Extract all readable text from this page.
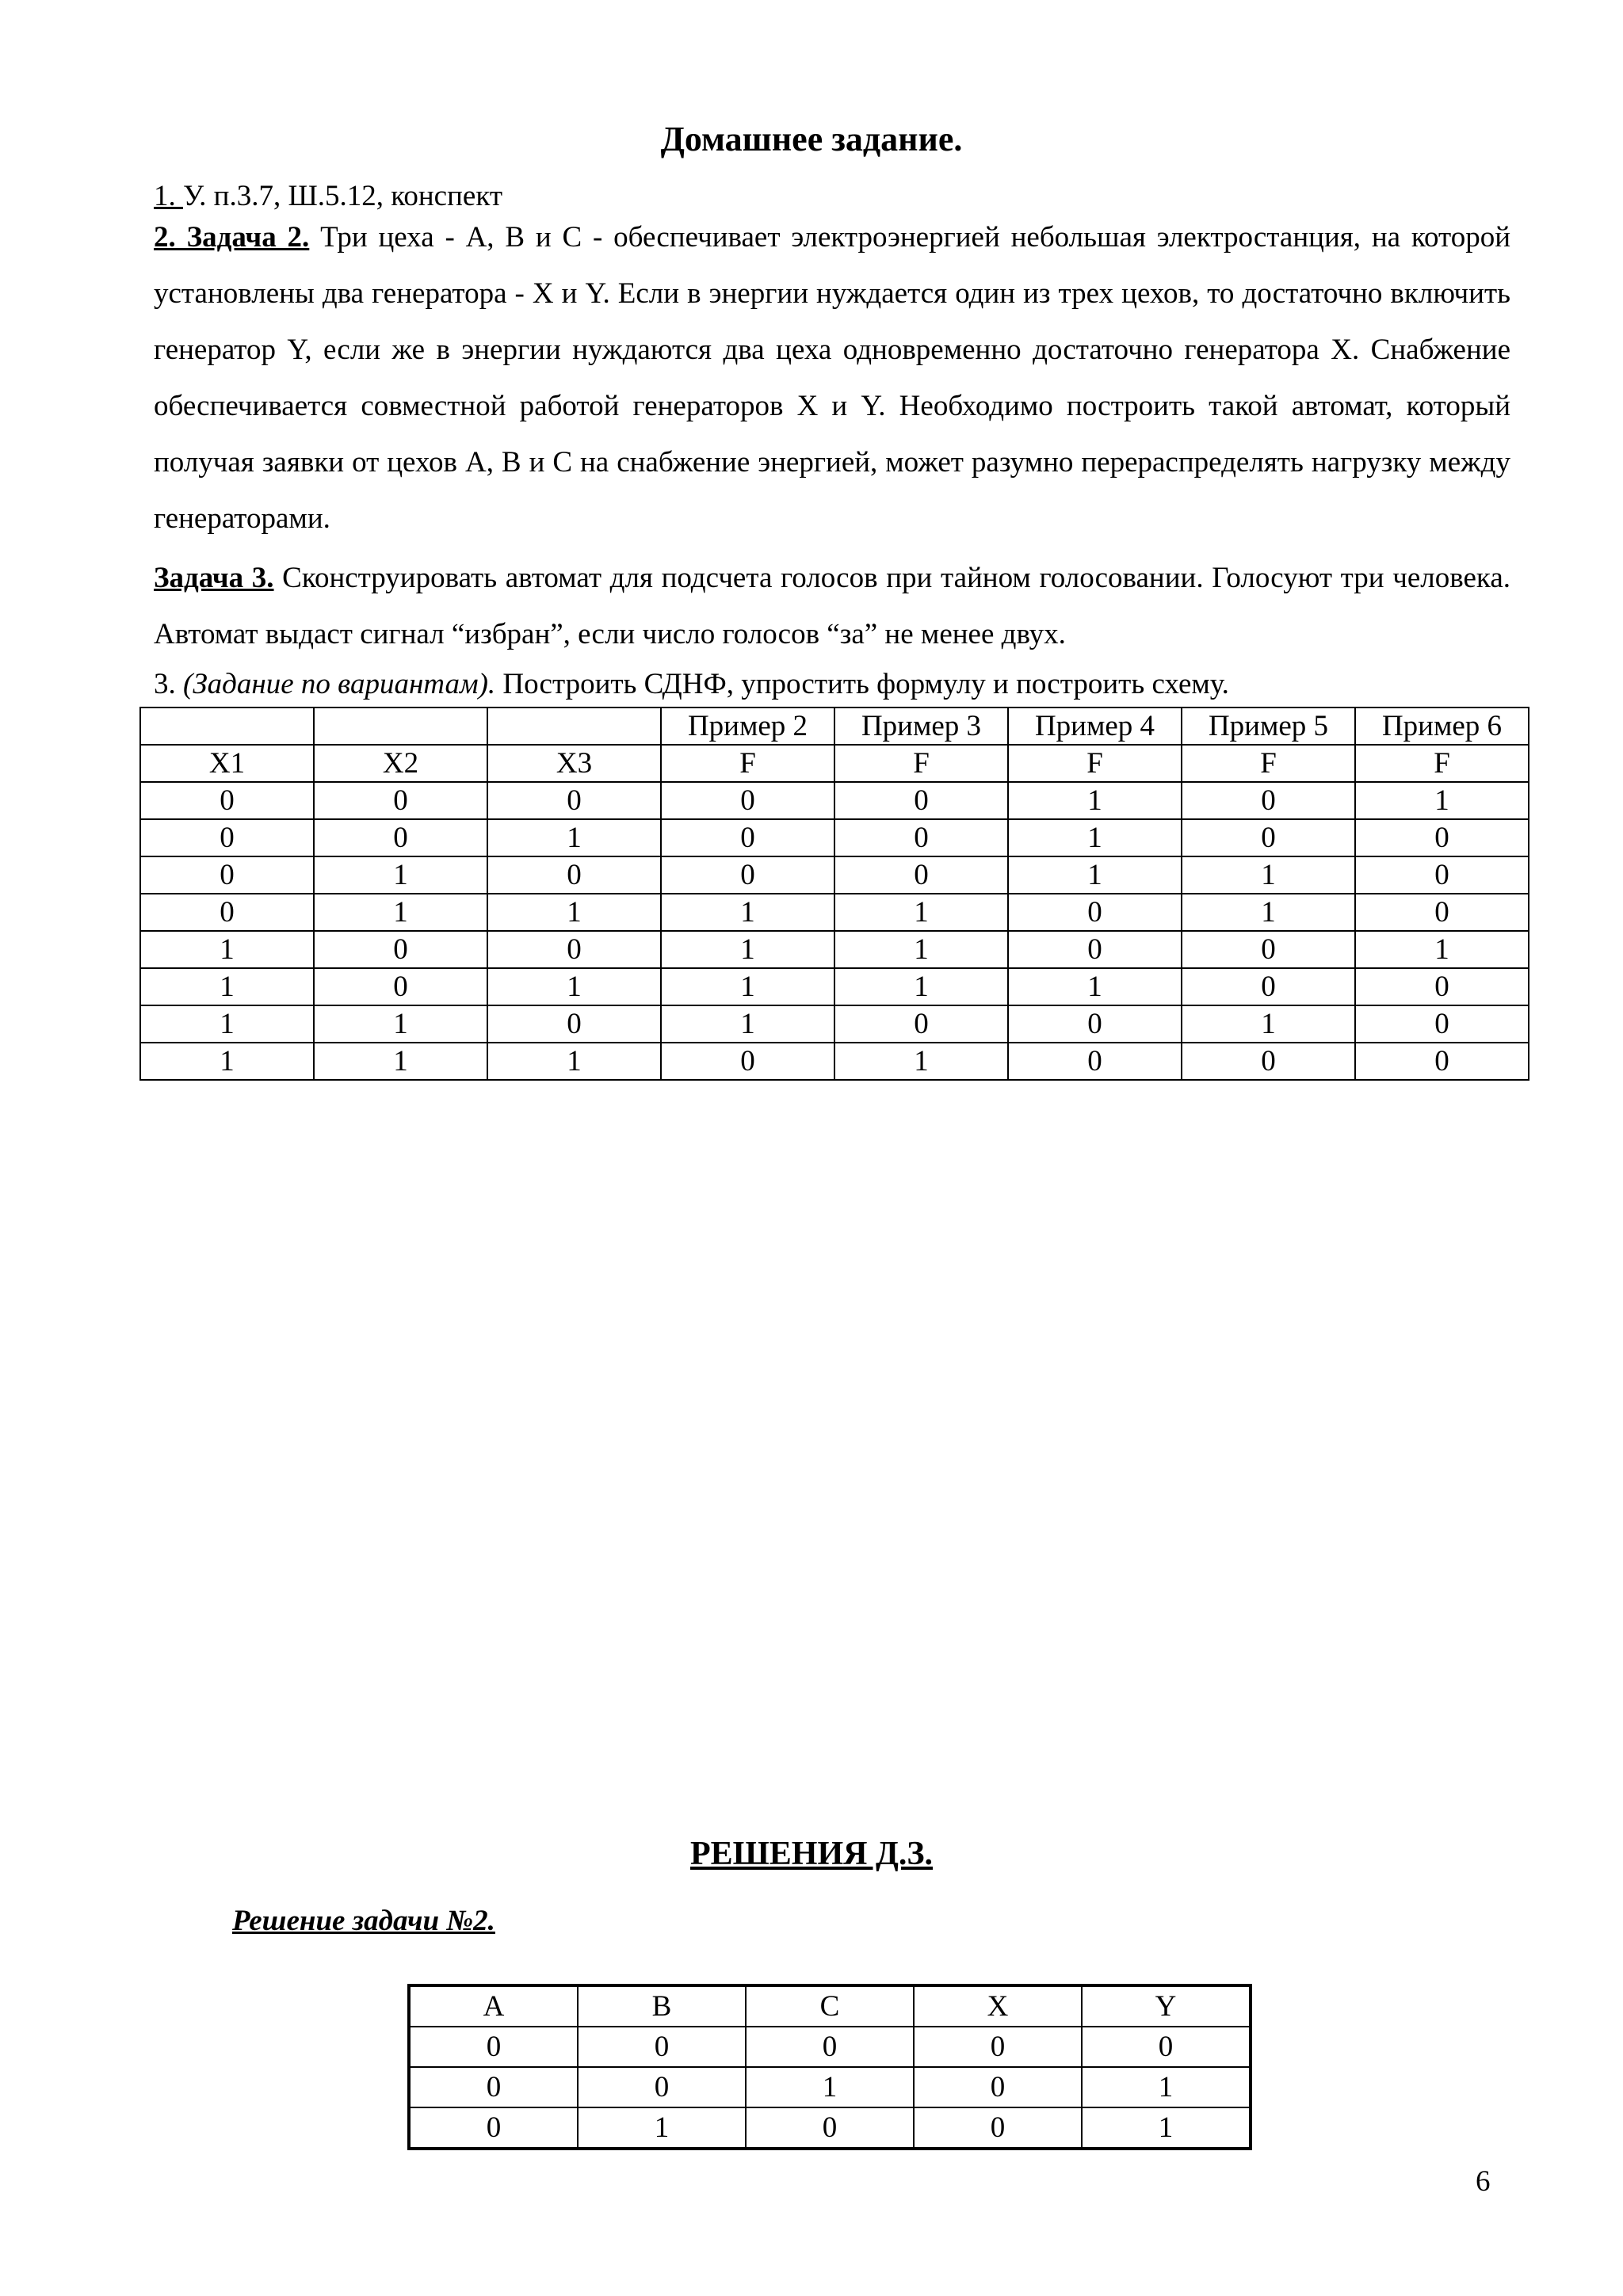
Домашнее задание.
1. У. п.3.7, Ш.5.12, конспект
2. Задача 2. Три цеха - А, В и С - обеспечивает электроэнергией небольшая электростанция, на которой установлены два генератора - X и Y. Если в энергии нуждается один из трех цехов, то достаточно включить генератор Y, если же в энергии нуждаются два цеха одновременно достаточно генератора X. Снабжение обеспечивается совместной работой генераторов X и Y. Необходимо построить такой автомат, который получая заявки от цехов А, В и С на снабжение энергией, может разумно перераспределять нагрузку между генераторами.
Задача 3. Сконструировать автомат для подсчета голосов при тайном голосовании. Голосуют три человека. Автомат выдаст сигнал “избран”, если число голосов “за” не менее двух.
3. (Задание по вариантам). Построить СДНФ, упростить формулу и построить схему.
			Пример 2	Пример 3	Пример 4	Пример 5	Пример 6
X1	X2	X3	F	F	F	F	F
0	0	0	0	0	1	0	1
0	0	1	0	0	1	0	0
0	1	0	0	0	1	1	0
0	1	1	1	1	0	1	0
1	0	0	1	1	0	0	1
1	0	1	1	1	1	0	0
1	1	0	1	0	0	1	0
1	1	1	0	1	0	0	0
РЕШЕНИЯ Д.З.
Решение задачи №2.
A	B	C	X	Y
0	0	0	0	0
0	0	1	0	1
0	1	0	0	1
6
